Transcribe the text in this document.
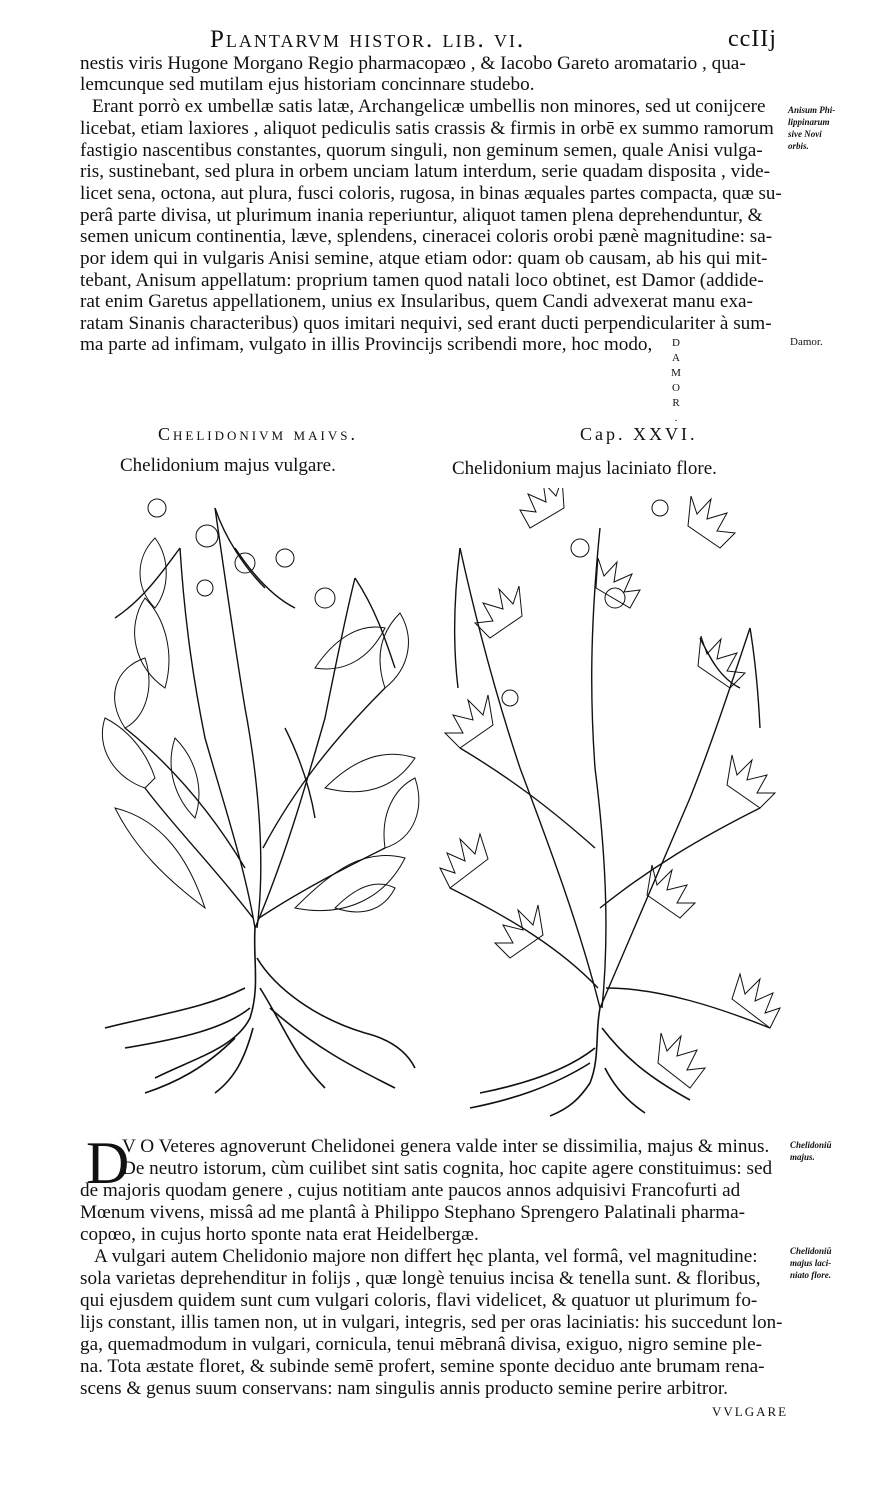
Plantarvm histor. lib. vi.	ccIIj
nestis viris Hugone Morgano Regio pharmacopæo , & Iacobo Gareto aromatario , qua-
lemcunque sed mutilam ejus historiam concinnare studebo.
Erant porrò ex umbellæ satis latæ, Archangelicæ umbellis non minores, sed ut conijcere
licebat, etiam laxiores , aliquot pediculis satis crassis & firmis in orbē ex summo ramorum
fastigio nascentibus constantes, quorum singuli, non geminum semen, quale Anisi vulga-
ris, sustinebant, sed plura in orbem unciam latum interdum, serie quadam disposita , vide-
licet sena, octona, aut plura, fusci coloris, rugosa, in binas æquales partes compacta, quæ su-
perâ parte divisa, ut plurimum inania reperiuntur, aliquot tamen plena deprehenduntur, &
semen unicum continentia, læve, splendens, cineracei coloris orobi pænè magnitudine: sa-
por idem qui in vulgaris Anisi semine, atque etiam odor: quam ob causam, ab his qui mit-
tebant, Anisum appellatum: proprium tamen quod natali loco obtinet, est Damor (addide-
rat enim Garetus appellationem, unius ex Insularibus, quem Candi advexerat manu exa-
ratam Sinanis characteribus) quos imitari nequivi, sed erant ducti perpendiculariter à sum-
ma parte ad infimam, vulgato in illis Provincijs scribendi more, hoc modo,	D
A
M
O
R
.
Anisum Phi-
lippinarum
sive Novi
orbis.
Damor.
Chelidoniū
majus.
Chelidoniū
majus laci-
niato flore.
Chelidonivm maivs.	Cap. XXVI.
Chelidonium majus vulgare.	Chelidonium majus laciniato flore.
D
V O Veteres agnoverunt Chelidonei genera valde inter se dissimilia, majus & minus.
De neutro istorum, cùm cuilibet sint satis cognita, hoc capite agere constituimus: sed
de majoris quodam genere , cujus notitiam ante paucos annos adquisivi Francofurti ad
Mœnum vivens, missâ ad me plantâ à Philippo Stephano Sprengero Palatinali pharma-
copœo, in cujus horto sponte nata erat Heidelbergæ.
A vulgari autem Chelidonio majore non differt hęc planta, vel formâ, vel magnitudine:
sola varietas deprehenditur in folijs , quæ longè tenuius incisa & tenella sunt. & floribus,
qui ejusdem quidem sunt cum vulgari coloris, flavi videlicet, & quatuor ut plurimum fo-
lijs constant, illis tamen non, ut in vulgari, integris, sed per oras laciniatis: his succedunt lon-
ga, quemadmodum in vulgari, cornicula, tenui mēbranâ divisa, exiguo, nigro semine ple-
na. Tota æstate floret, & subinde semē profert, semine sponte deciduo ante brumam rena-
scens & genus suum conservans: nam singulis annis producto semine perire arbitror.
VVLGARE
